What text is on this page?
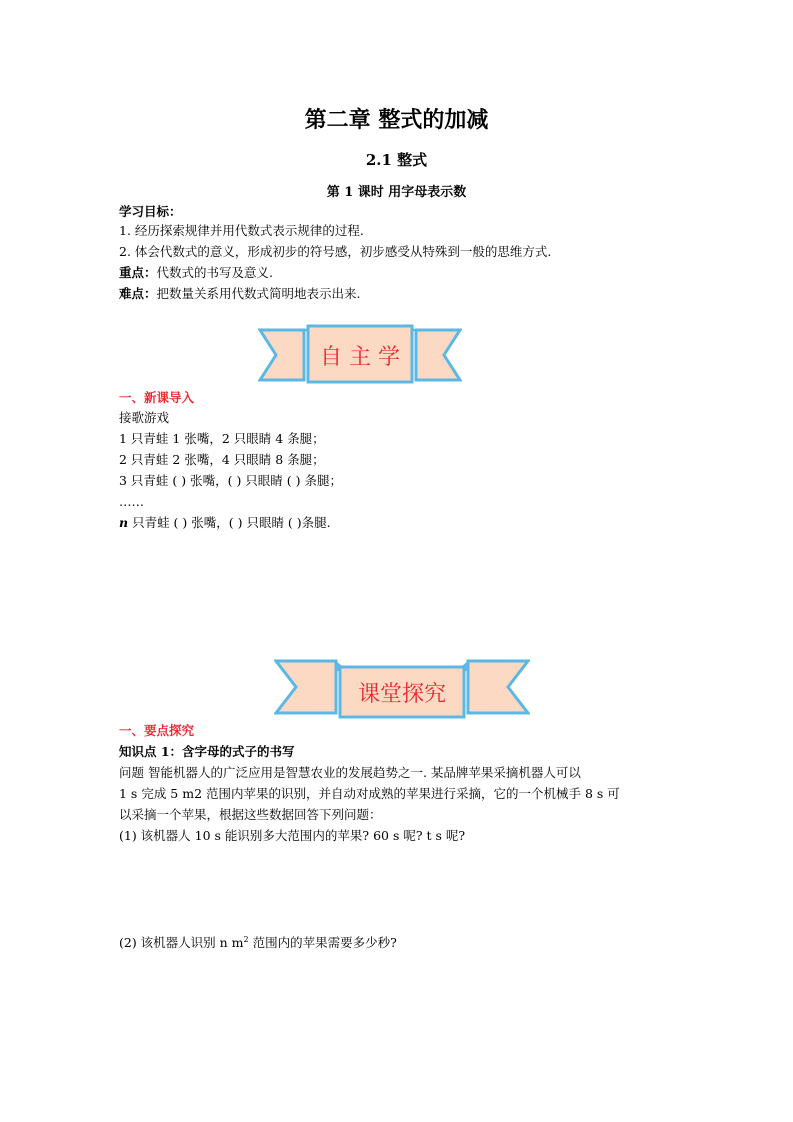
第二章 整式的加减
2.1 整式
第 1 课时 用字母表示数
学习目标：
1. 经历探索规律并用代数式表示规律的过程.
2. 体会代数式的意义，形成初步的符号感，初步感受从特殊到一般的思维方式.
重点：代数式的书写及意义.
难点：把数量关系用代数式简明地表示出来.
自 主 学
一、新课导入
接歌游戏
1 只青蛙 1 张嘴，2 只眼睛 4 条腿；
2 只青蛙 2 张嘴，4 只眼睛 8 条腿；
3 只青蛙 ( ) 张嘴，( ) 只眼睛 ( ) 条腿；
……
n 只青蛙 ( ) 张嘴，( ) 只眼睛 ( )条腿.
课堂探究
一、要点探究
知识点 1：含字母的式子的书写
问题 智能机器人的广泛应用是智慧农业的发展趋势之一. 某品牌苹果采摘机器人可以
1 s 完成 5 m2 范围内苹果的识别，并自动对成熟的苹果进行采摘，它的一个机械手 8 s 可
以采摘一个苹果，根据这些数据回答下列问题：
(1) 该机器人 10 s 能识别多大范围内的苹果? 60 s 呢? t s 呢?
(2) 该机器人识别 n $m^2$ 范围内的苹果需要多少秒?
